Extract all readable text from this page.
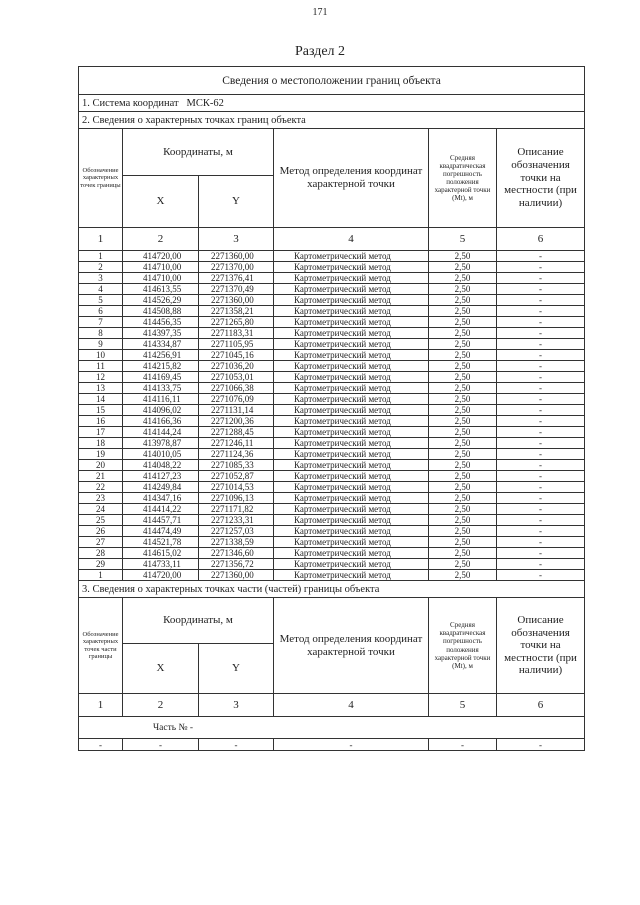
171
Раздел 2
Сведения о местоположении границ объекта					
1. Система координат МСК-62					
2. Сведения о характерных точках границ объекта					
Обозначение характерных точек границы	Координаты, м		Метод определения координат характерной точки	Средняя квадратическая погрешность положения характерной точки (Mt), м	Описание обозначения точки на местности (при наличии)
	X	Y			
1	2	3	4	5	6
1	414720,00	2271360,00	Картометрический метод	2,50	-
2	414710,00	2271370,00	Картометрический метод	2,50	-
3	414710,00	2271376,41	Картометрический метод	2,50	-
4	414613,55	2271370,49	Картометрический метод	2,50	-
5	414526,29	2271360,00	Картометрический метод	2,50	-
6	414508,88	2271358,21	Картометрический метод	2,50	-
7	414456,35	2271265,80	Картометрический метод	2,50	-
8	414397,35	2271183,31	Картометрический метод	2,50	-
9	414334,87	2271105,95	Картометрический метод	2,50	-
10	414256,91	2271045,16	Картометрический метод	2,50	-
11	414215,82	2271036,20	Картометрический метод	2,50	-
12	414169,45	2271053,01	Картометрический метод	2,50	-
13	414133,75	2271066,38	Картометрический метод	2,50	-
14	414116,11	2271076,09	Картометрический метод	2,50	-
15	414096,02	2271131,14	Картометрический метод	2,50	-
16	414166,36	2271200,36	Картометрический метод	2,50	-
17	414144,24	2271288,45	Картометрический метод	2,50	-
18	413978,87	2271246,11	Картометрический метод	2,50	-
19	414010,05	2271124,36	Картометрический метод	2,50	-
20	414048,22	2271085,33	Картометрический метод	2,50	-
21	414127,23	2271052,87	Картометрический метод	2,50	-
22	414249,84	2271014,53	Картометрический метод	2,50	-
23	414347,16	2271096,13	Картометрический метод	2,50	-
24	414414,22	2271171,82	Картометрический метод	2,50	-
25	414457,71	2271233,31	Картометрический метод	2,50	-
26	414474,49	2271257,03	Картометрический метод	2,50	-
27	414521,78	2271338,59	Картометрический метод	2,50	-
28	414615,02	2271346,60	Картометрический метод	2,50	-
29	414733,11	2271356,72	Картометрический метод	2,50	-
1	414720,00	2271360,00	Картометрический метод	2,50	-
3. Сведения о характерных точках части (частей) границы объекта					
Обозначение характерных точек части границы	Координаты, м		Метод определения координат характерной точки	Средняя квадратическая погрешность положения характерной точки (Mt), м	Описание обозначения точки на местности (при наличии)
	X	Y			
1	2	3	4	5	6
Часть № -					
-	-	-	-	-	-
